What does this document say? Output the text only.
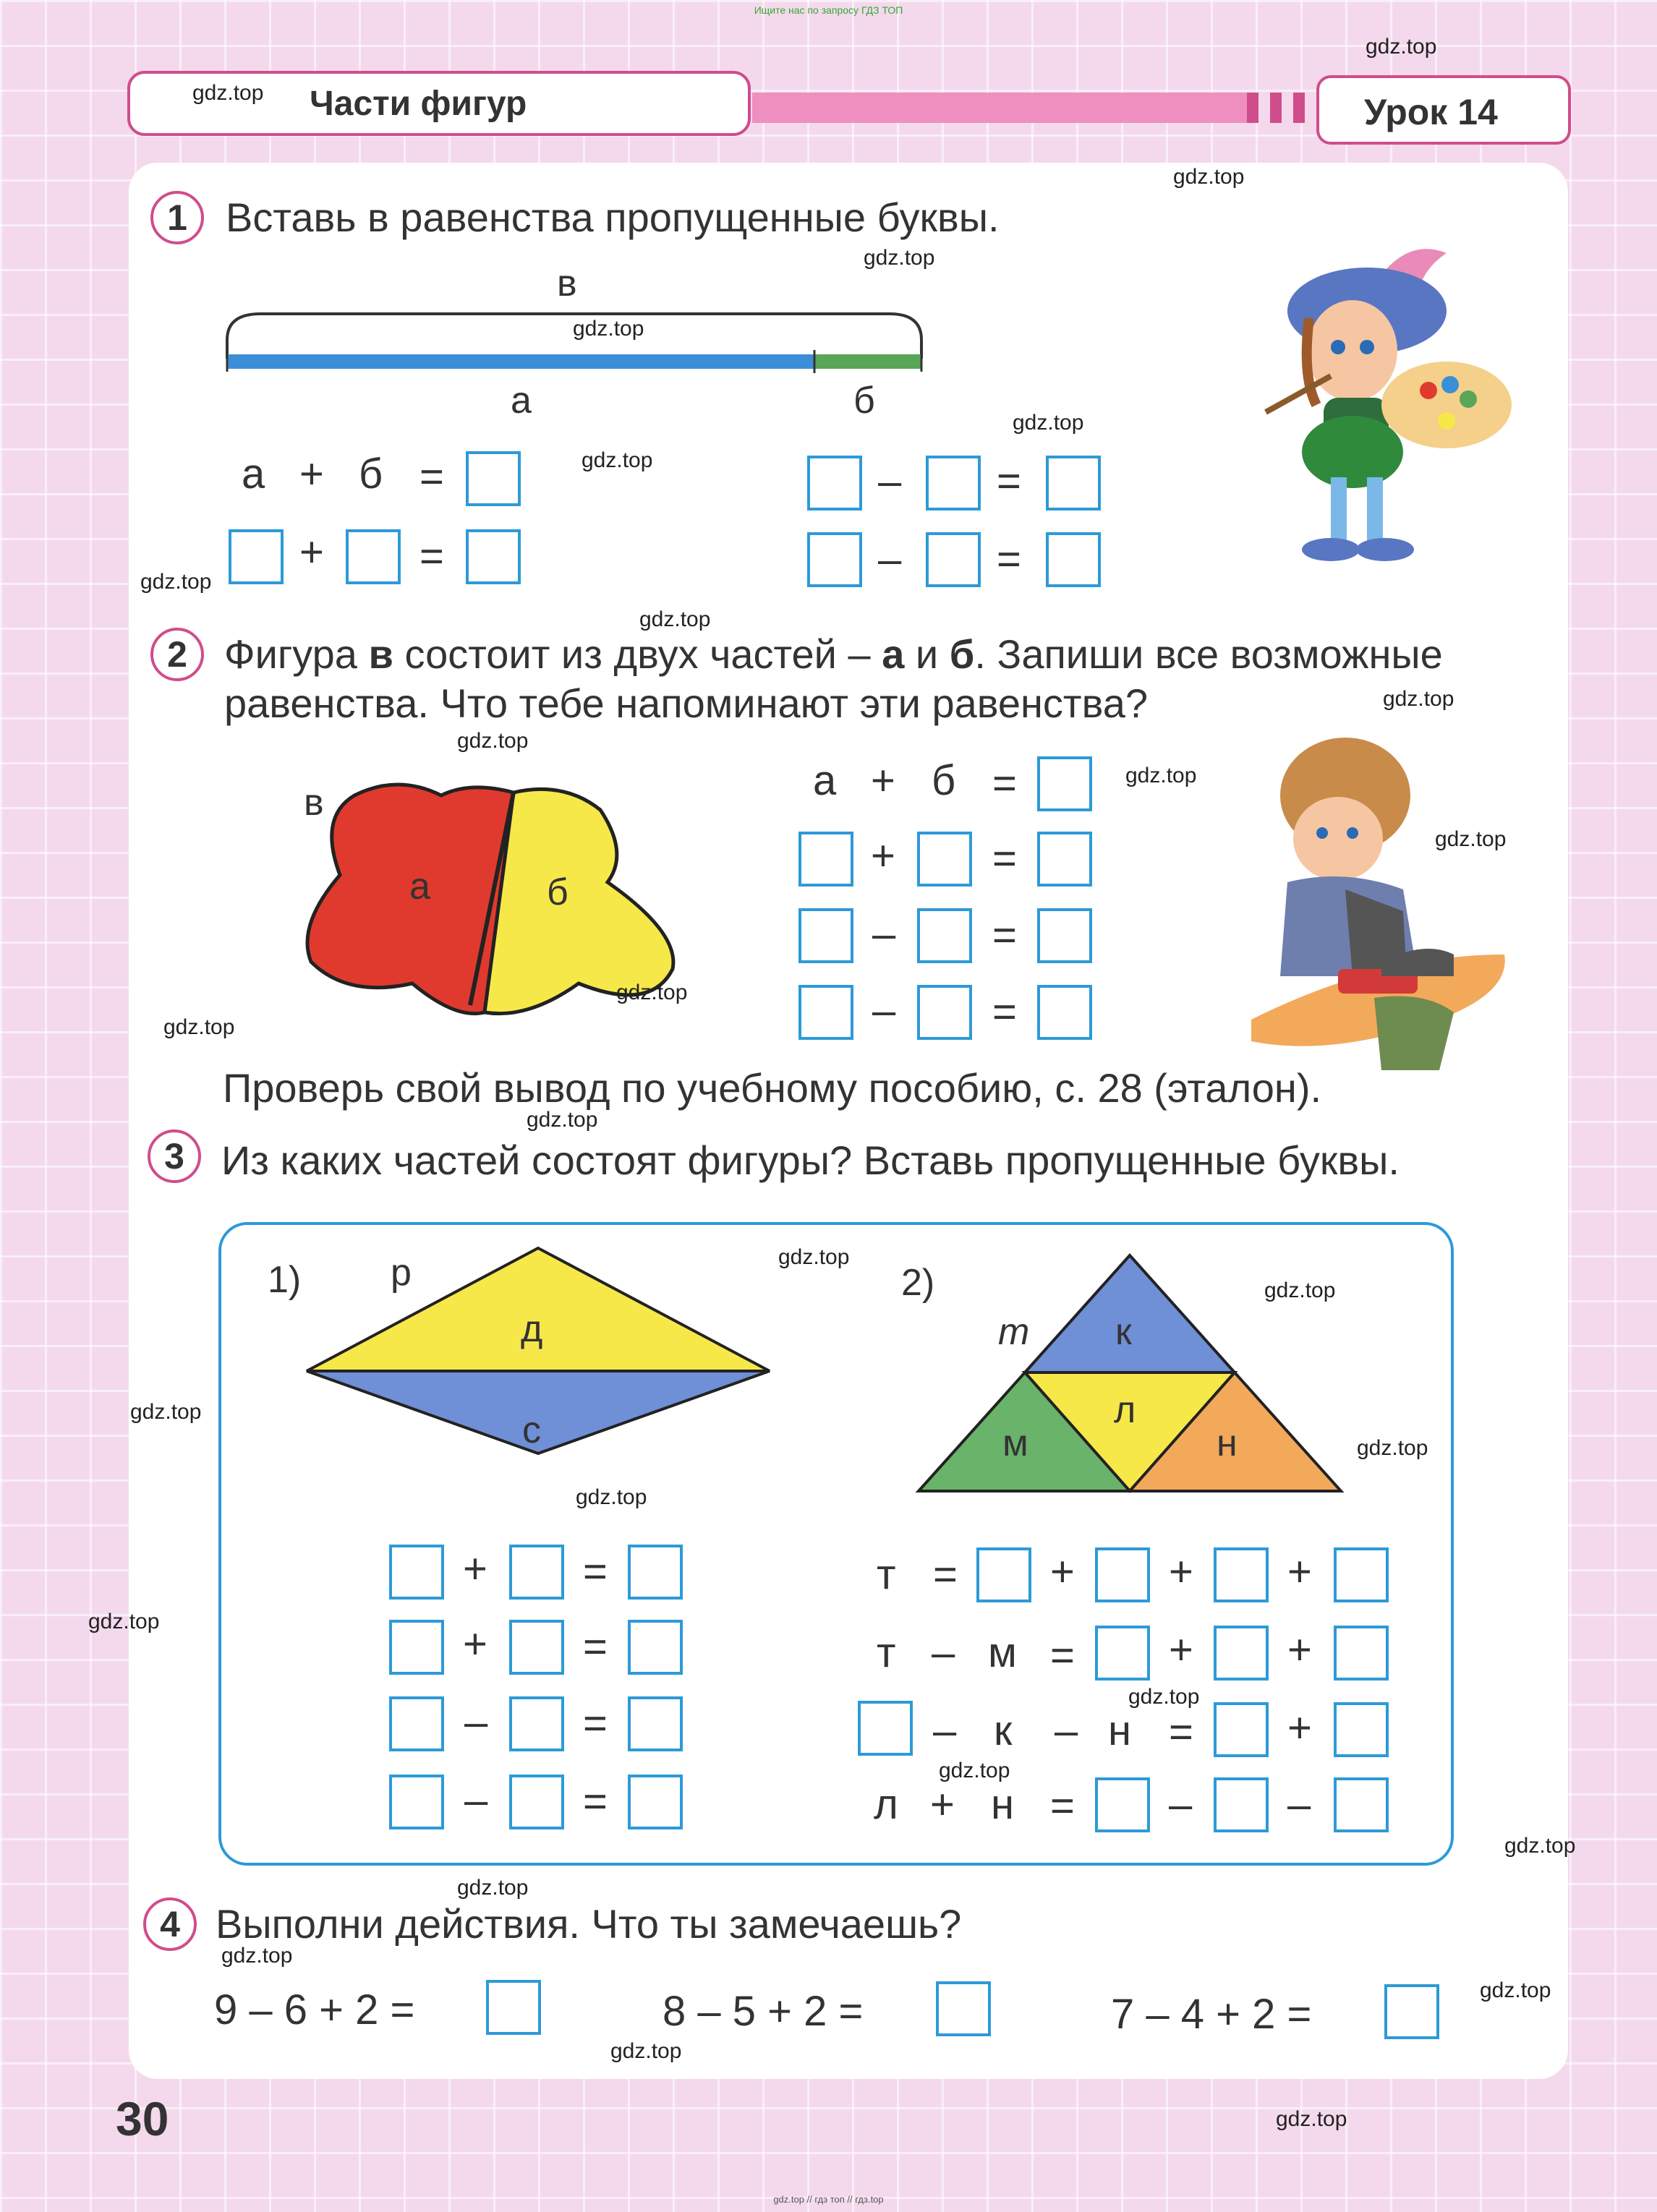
Ищите нас по запросу ГДЗ ТОП
Части фигур	Урок 14
1 Вставь в равенства пропущенные буквы.
в
а	б
а + б =
+ =
– =
– =
2 Фигура в состоит из двух частей – а и б. Запиши все возможные
равенства. Что тебе напоминают эти равенства?
в
а	б
а + б =
+ =
– =
– =
Проверь свой вывод по учебному пособию, с. 28 (эталон).
3 Из каких частей состоят фигуры? Вставь пропущенные буквы.
1) р
д
с
2)
т к
л
м	н
+ =
+ =
– =
– =
т = + + +
т – м = + +
– к – н = +
л + н = – –
4 Выполни действия. Что ты замечаешь?
9 – 6 + 2 =	8 – 5 + 2 =	7 – 4 + 2 =
30
gdz.top
gdz.top
gdz.top
gdz.top
gdz.top
gdz.top
gdz.top
gdz.top
gdz.top
gdz.top
gdz.top
gdz.top
gdz.top
gdz.top
gdz.top
gdz.top
gdz.top
gdz.top
gdz.top
gdz.top
gdz.top
gdz.top
gdz.top
gdz.top
gdz.top
gdz.top
gdz.top
gdz.top
gdz.top
gdz.top
gdz.top // гдз топ // гдз.top
